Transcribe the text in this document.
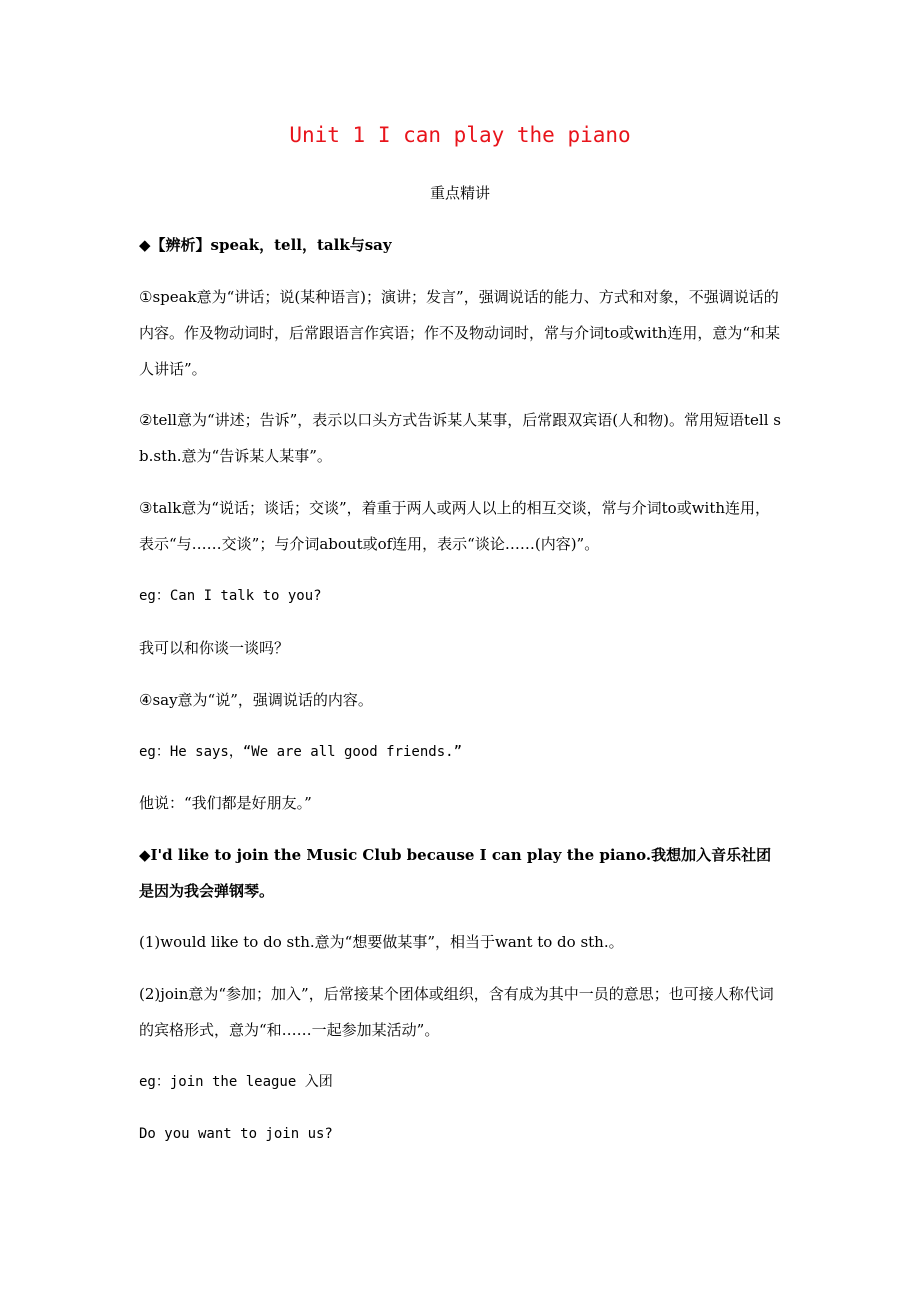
Unit 1 I can play the piano
重点精讲

◆【辨析】speak，tell，talk与say

①speak意为“讲话；说(某种语言)；演讲；发言”，强调说话的能力、方式和对象，不强调说话的内容。作及物动词时，后常跟语言作宾语；作不及物动词时，常与介词to或with连用，意为“和某人讲话”。

②tell意为“讲述；告诉”，表示以口头方式告诉某人某事，后常跟双宾语(人和物)。常用短语tell sb.sth.意为“告诉某人某事”。

③talk意为“说话；谈话；交谈”，着重于两人或两人以上的相互交谈，常与介词to或with连用，表示“与……交谈”；与介词about或of连用，表示“谈论……(内容)”。

eg：Can I talk to you?

我可以和你谈一谈吗？

④say意为“说”，强调说话的内容。

eg：He says，“We are all good friends.”

他说：“我们都是好朋友。”

◆I'd like to join the Music Club because I can play the piano.我想加入音乐社团是因为我会弹钢琴。

(1)would like to do sth.意为“想要做某事”，相当于want to do sth.。

(2)join意为“参加；加入”，后常接某个团体或组织，含有成为其中一员的意思；也可接人称代词的宾格形式，意为“和……一起参加某活动”。

eg：join the league 入团

Do you want to join us?
